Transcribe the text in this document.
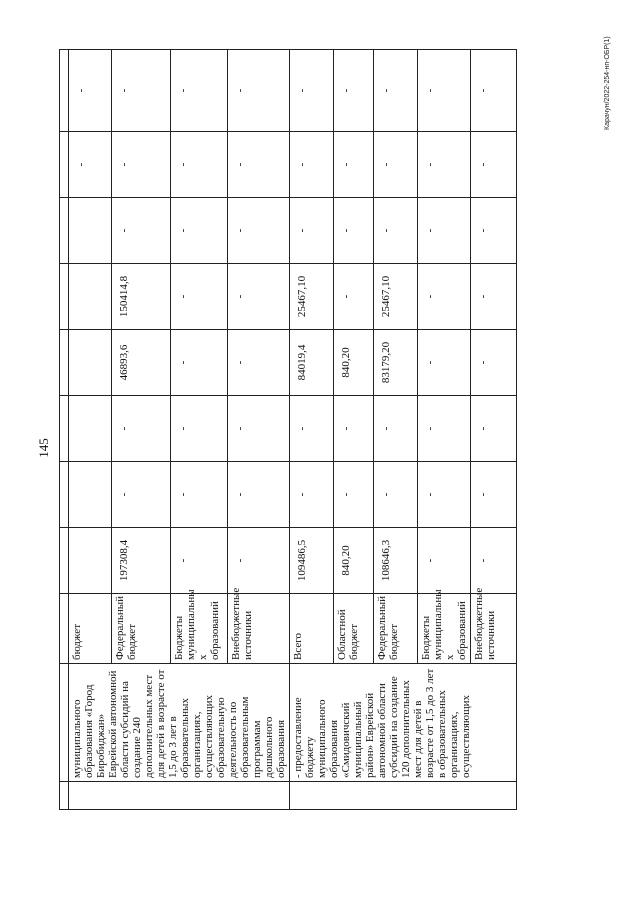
145
Карачун/2022-254-нп-ОБР(1)

	муниципального образования «Город Биробиджан» Еврейской автономной области субсидий на создание 240 дополнительных мест для детей в возрасте от 1,5 до 3 лет в образовательных организациях, осуществляющих образовательную деятельность по образовательным программам дошкольного образования	бюджет							-	-
		Федеральный бюджет	197308,4	-	-	46893,6	150414,8	-	-	-
		Бюджеты муниципальны х образований	-	-	-	-	-	-	-	-
		Внебюджетные источники	-	-	-	-	-	-	-	-
	- предоставление бюджету муниципального образования «Смидовичский муниципальный район» Еврейской автономной области субсидий на создание 120 дополнительных мест для детей в возрасте от 1,5 до 3 лет в образовательных организациях, осуществляющих	Всего	109486,5	-	-	84019,4	25467,10	-	-	-
		Областной бюджет	840,20	-	-	840,20	-	-	-	-
		Федеральный бюджет	108646,3	-	-	83179,20	25467,10	-	-	-
		Бюджеты муниципальны х образований	-	-	-	-	-	-	-	-
		Внебюджетные источники	-	-	-	-	-	-	-	-
